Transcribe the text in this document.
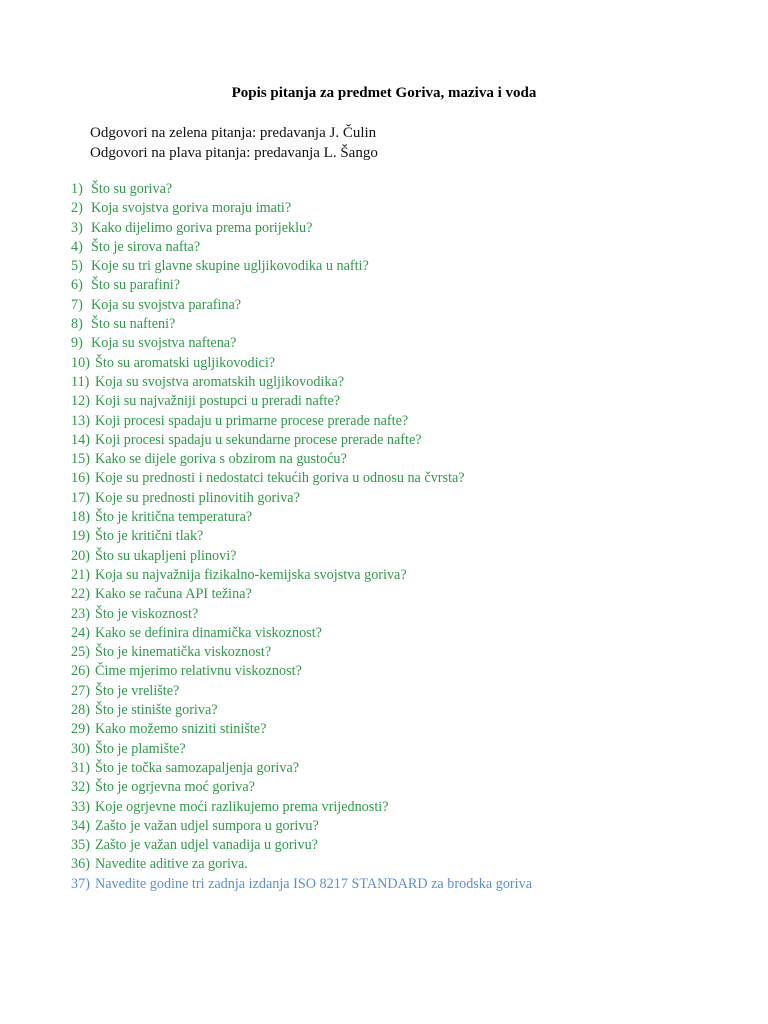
Popis pitanja za predmet Goriva, maziva i voda
Odgovori na zelena pitanja: predavanja J. Čulin
Odgovori na plava pitanja: predavanja L. Šango
1) Što su goriva?
2) Koja svojstva goriva moraju imati?
3) Kako dijelimo goriva prema porijeklu?
4) Što je sirova nafta?
5) Koje su tri glavne skupine ugljikovodika u nafti?
6) Što su parafini?
7) Koja su svojstva parafina?
8) Što su nafteni?
9) Koja su svojstva naftena?
10) Što su aromatski ugljikovodici?
11) Koja su svojstva aromatskih ugljikovodika?
12) Koji su najvažniji postupci u preradi nafte?
13) Koji procesi spadaju u primarne procese prerade nafte?
14) Koji procesi spadaju u sekundarne procese prerade nafte?
15) Kako se dijele goriva s obzirom na gustoću?
16) Koje su prednosti i nedostatci tekućih goriva u odnosu na čvrsta?
17) Koje su prednosti plinovitih goriva?
18) Što je kritična temperatura?
19) Što je kritični tlak?
20) Što su ukapljeni plinovi?
21) Koja su najvažnija fizikalno-kemijska svojstva goriva?
22) Kako se računa API težina?
23) Što je viskoznost?
24) Kako se definira dinamička viskoznost?
25) Što je kinematička viskoznost?
26) Čime mjerimo relativnu viskoznost?
27) Što je vrelište?
28) Što je stinište goriva?
29) Kako možemo sniziti stinište?
30) Što je plamište?
31) Što je točka samozapaljenja goriva?
32) Što je ogrjevna moć goriva?
33) Koje ogrjevne moći razlikujemo prema vrijednosti?
34) Zašto je važan udjel sumpora u gorivu?
35) Zašto je važan udjel vanadija u gorivu?
36) Navedite aditive za goriva.
37) Navedite godine tri zadnja izdanja ISO 8217 STANDARD za brodska goriva
